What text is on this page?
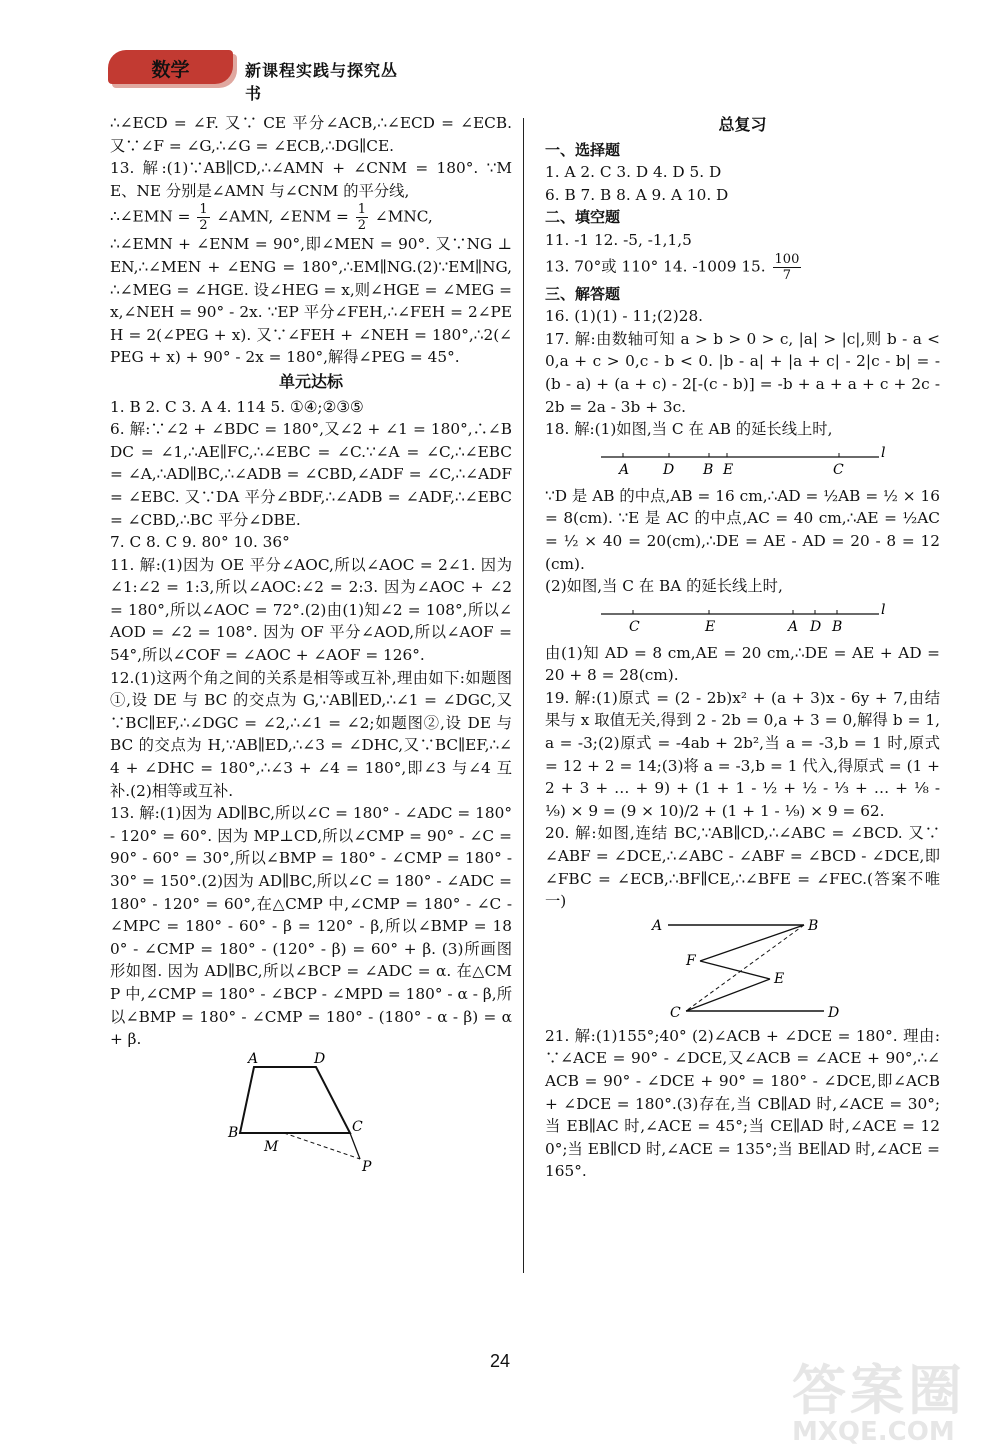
数学	新课程实践与探究丛书

∴∠ECD = ∠F. 又∵ CE 平分∠ACB,∴∠ECD = ∠ECB. 又∵∠F = ∠G,∴∠G = ∠ECB,∴DG∥CE.

13. 解:(1)∵AB∥CD,∴∠AMN + ∠CNM = 180°. ∵ME、NE 分别是∠AMN 与∠CNM 的平分线,

∴∠EMN = $\frac{1}{2}$ ∠AMN, ∠ENM = $\frac{1}{2}$ ∠MNC,

∴∠EMN + ∠ENM = 90°,即∠MEN = 90°. 又∵NG ⊥EN,∴∠MEN + ∠ENG = 180°,∴EM∥NG.(2)∵EM∥NG,∴∠MEG = ∠HGE. 设∠HEG = x,则∠HGE = ∠MEG = x,∠NEH = 90° - 2x. ∵EP 平分∠FEH,∴∠FEH = 2∠PEH = 2(∠PEG + x). 又∵∠FEH + ∠NEH = 180°,∴2(∠PEG + x) + 90° - 2x = 180°,解得∠PEG = 45°.

单元达标

1. B 2. C 3. A 4. 114 5. ①④;②③⑤

6. 解:∵∠2 + ∠BDC = 180°,又∠2 + ∠1 = 180°,∴∠BDC = ∠1,∴AE∥FC,∴∠EBC = ∠C.∵∠A = ∠C,∴∠EBC = ∠A,∴AD∥BC,∴∠ADB = ∠CBD,∠ADF = ∠C,∴∠ADF = ∠EBC. 又∵DA 平分∠BDF,∴∠ADB = ∠ADF,∴∠EBC = ∠CBD,∴BC 平分∠DBE.

7. C 8. C 9. 80° 10. 36°

11. 解:(1)因为 OE 平分∠AOC,所以∠AOC = 2∠1. 因为∠1:∠2 = 1:3,所以∠AOC:∠2 = 2:3. 因为∠AOC + ∠2 = 180°,所以∠AOC = 72°.(2)由(1)知∠2 = 108°,所以∠AOD = ∠2 = 108°. 因为 OF 平分∠AOD,所以∠AOF = 54°,所以∠COF = ∠AOC + ∠AOF = 126°.

12.(1)这两个角之间的关系是相等或互补,理由如下:如题图①,设 DE 与 BC 的交点为 G,∵AB∥ED,∴∠1 = ∠DGC,又∵BC∥EF,∴∠DGC = ∠2,∴∠1 = ∠2;如题图②,设 DE 与 BC 的交点为 H,∵AB∥ED,∴∠3 = ∠DHC,又∵BC∥EF,∴∠4 + ∠DHC = 180°,∴∠3 + ∠4 = 180°,即∠3 与∠4 互补.(2)相等或互补.

13. 解:(1)因为 AD∥BC,所以∠C = 180° - ∠ADC = 180° - 120° = 60°. 因为 MP⊥CD,所以∠CMP = 90° - ∠C = 90° - 60° = 30°,所以∠BMP = 180° - ∠CMP = 180° - 30° = 150°.(2)因为 AD∥BC,所以∠C = 180° - ∠ADC = 180° - 120° = 60°,在△CMP 中,∠CMP = 180° - ∠C - ∠MPC = 180° - 60° - β = 120° - β,所以∠BMP = 180° - ∠CMP = 180° - (120° - β) = 60° + β. (3)所画图形如图. 因为 AD∥BC,所以∠BCP = ∠ADC = α. 在△CMP 中,∠CMP = 180° - ∠BCP - ∠MPD = 180° - α - β,所以∠BMP = 180° - ∠CMP = 180° - (180° - α - β) = α + β.

A	D
B	C
M
P
总复习
一、选择题

1. A 2. C 3. D 4. D 5. D

6. B 7. B 8. A 9. A 10. D

二、填空题

11. -1 12. -5, -1,1,5

13. 70°或 110° 14. -1009 15. $\frac{100}{7}$

三、解答题

16. (1)(1) - 11;(2)28.

17. 解:由数轴可知 a > b > 0 > c, |a| > |c|,则 b - a < 0,a + c > 0,c - b < 0. |b - a| + |a + c| - 2|c - b| = -(b - a) + (a + c) - 2[-(c - b)] = -b + a + a + c + 2c - 2b = 2a - 3b + 3c.

18. 解:(1)如图,当 C 在 AB 的延长线上时,

A D B E	C
l

∵D 是 AB 的中点,AB = 16 cm,∴AD = ½AB = ½ × 16 = 8(cm). ∵E 是 AC 的中点,AC = 40 cm,∴AE = ½AC = ½ × 40 = 20(cm),∴DE = AE - AD = 20 - 8 = 12(cm).

(2)如图,当 C 在 BA 的延长线上时,

C	E	A D B
l

由(1)知 AD = 8 cm,AE = 20 cm,∴DE = AE + AD = 20 + 8 = 28(cm).

19. 解:(1)原式 = (2 - 2b)x² + (a + 3)x - 6y + 7,由结果与 x 取值无关,得到 2 - 2b = 0,a + 3 = 0,解得 b = 1,a = -3;(2)原式 = -4ab + 2b²,当 a = -3,b = 1 时,原式 = 12 + 2 = 14;(3)将 a = -3,b = 1 代入,得原式 = (1 + 2 + 3 + … + 9) + (1 + 1 - ½ + ½ - ⅓ + … + ⅛ - ⅑) × 9 = (9 × 10)/2 + (1 + 1 - ⅑) × 9 = 62.

20. 解:如图,连结 BC,∵AB∥CD,∴∠ABC = ∠BCD. 又∵∠ABF = ∠DCE,∴∠ABC - ∠ABF = ∠BCD - ∠DCE,即∠FBC = ∠ECB,∴BF∥CE,∴∠BFE = ∠FEC.(答案不唯一)

A	B
F
E
C	D

21. 解:(1)155°;40° (2)∠ACB + ∠DCE = 180°. 理由:∵∠ACE = 90° - ∠DCE,又∠ACB = ∠ACE + 90°,∴∠ACB = 90° - ∠DCE + 90° = 180° - ∠DCE,即∠ACB + ∠DCE = 180°.(3)存在,当 CB∥AD 时,∠ACE = 30°;当 EB∥AC 时,∠ACE = 45°;当 CE∥AD 时,∠ACE = 120°;当 EB∥CD 时,∠ACE = 135°;当 BE∥AD 时,∠ACE = 165°.

24	答案圈
MXQE.COM
